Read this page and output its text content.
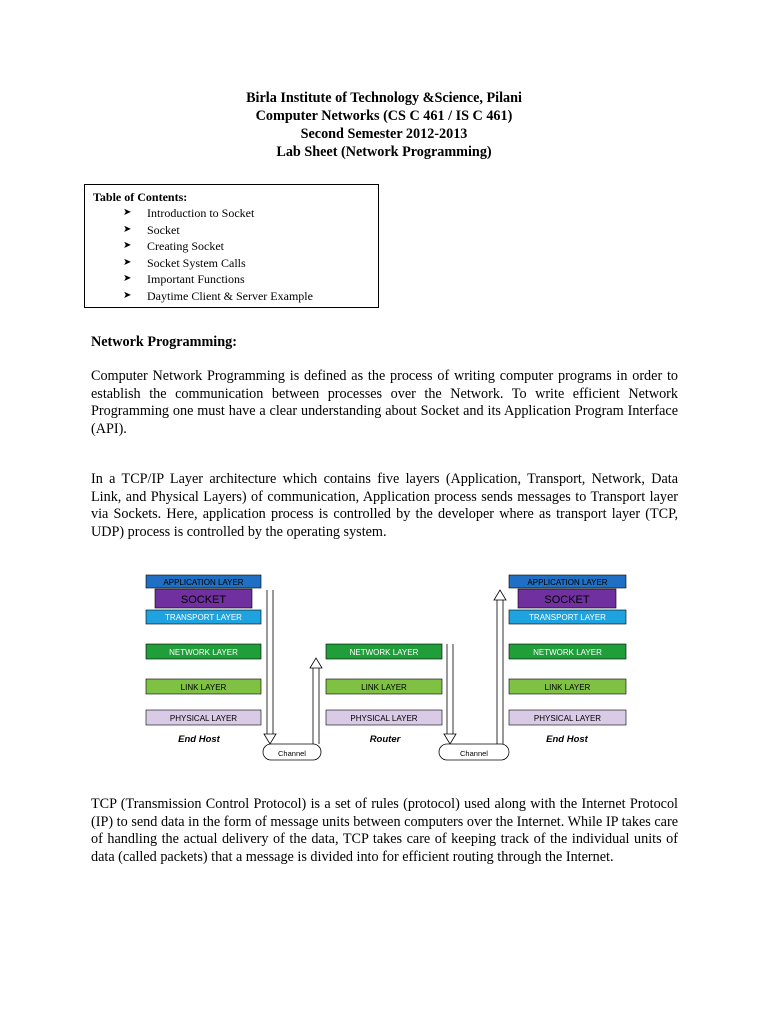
Birla Institute of Technology &Science, Pilani
Computer Networks (CS C 461 / IS C 461)
Second Semester 2012-2013
Lab Sheet (Network Programming)
Table of Contents:
➤ Introduction to Socket
➤ Socket
➤ Creating Socket
➤ Socket System Calls
➤ Important Functions
➤ Daytime Client & Server Example
Network Programming:

Computer Network Programming is defined as the process of writing computer programs in order to establish the communication between processes over the Network. To write efficient Network Programming one must have a clear understanding about Socket and its Application Program Interface (API).

In a TCP/IP Layer architecture which contains five layers (Application, Transport, Network, Data Link, and Physical Layers) of communication, Application process sends messages to Transport layer via Sockets. Here, application process is controlled by the developer where as transport layer (TCP, UDP) process is controlled by the operating system.

APPLICATION LAYER
SOCKET
TRANSPORT LAYER
NETWORK LAYER
LINK LAYER
PHYSICAL LAYER
End Host
NETWORK LAYER
LINK LAYER
PHYSICAL LAYER
Router
APPLICATION LAYER
SOCKET
TRANSPORT LAYER
NETWORK LAYER
LINK LAYER
PHYSICAL LAYER
End Host
Channel	Channel

TCP (Transmission Control Protocol) is a set of rules (protocol) used along with the Internet Protocol (IP) to send data in the form of message units between computers over the Internet. While IP takes care of handling the actual delivery of the data, TCP takes care of keeping track of the individual units of data (called packets) that a message is divided into for efficient routing through the Internet.
